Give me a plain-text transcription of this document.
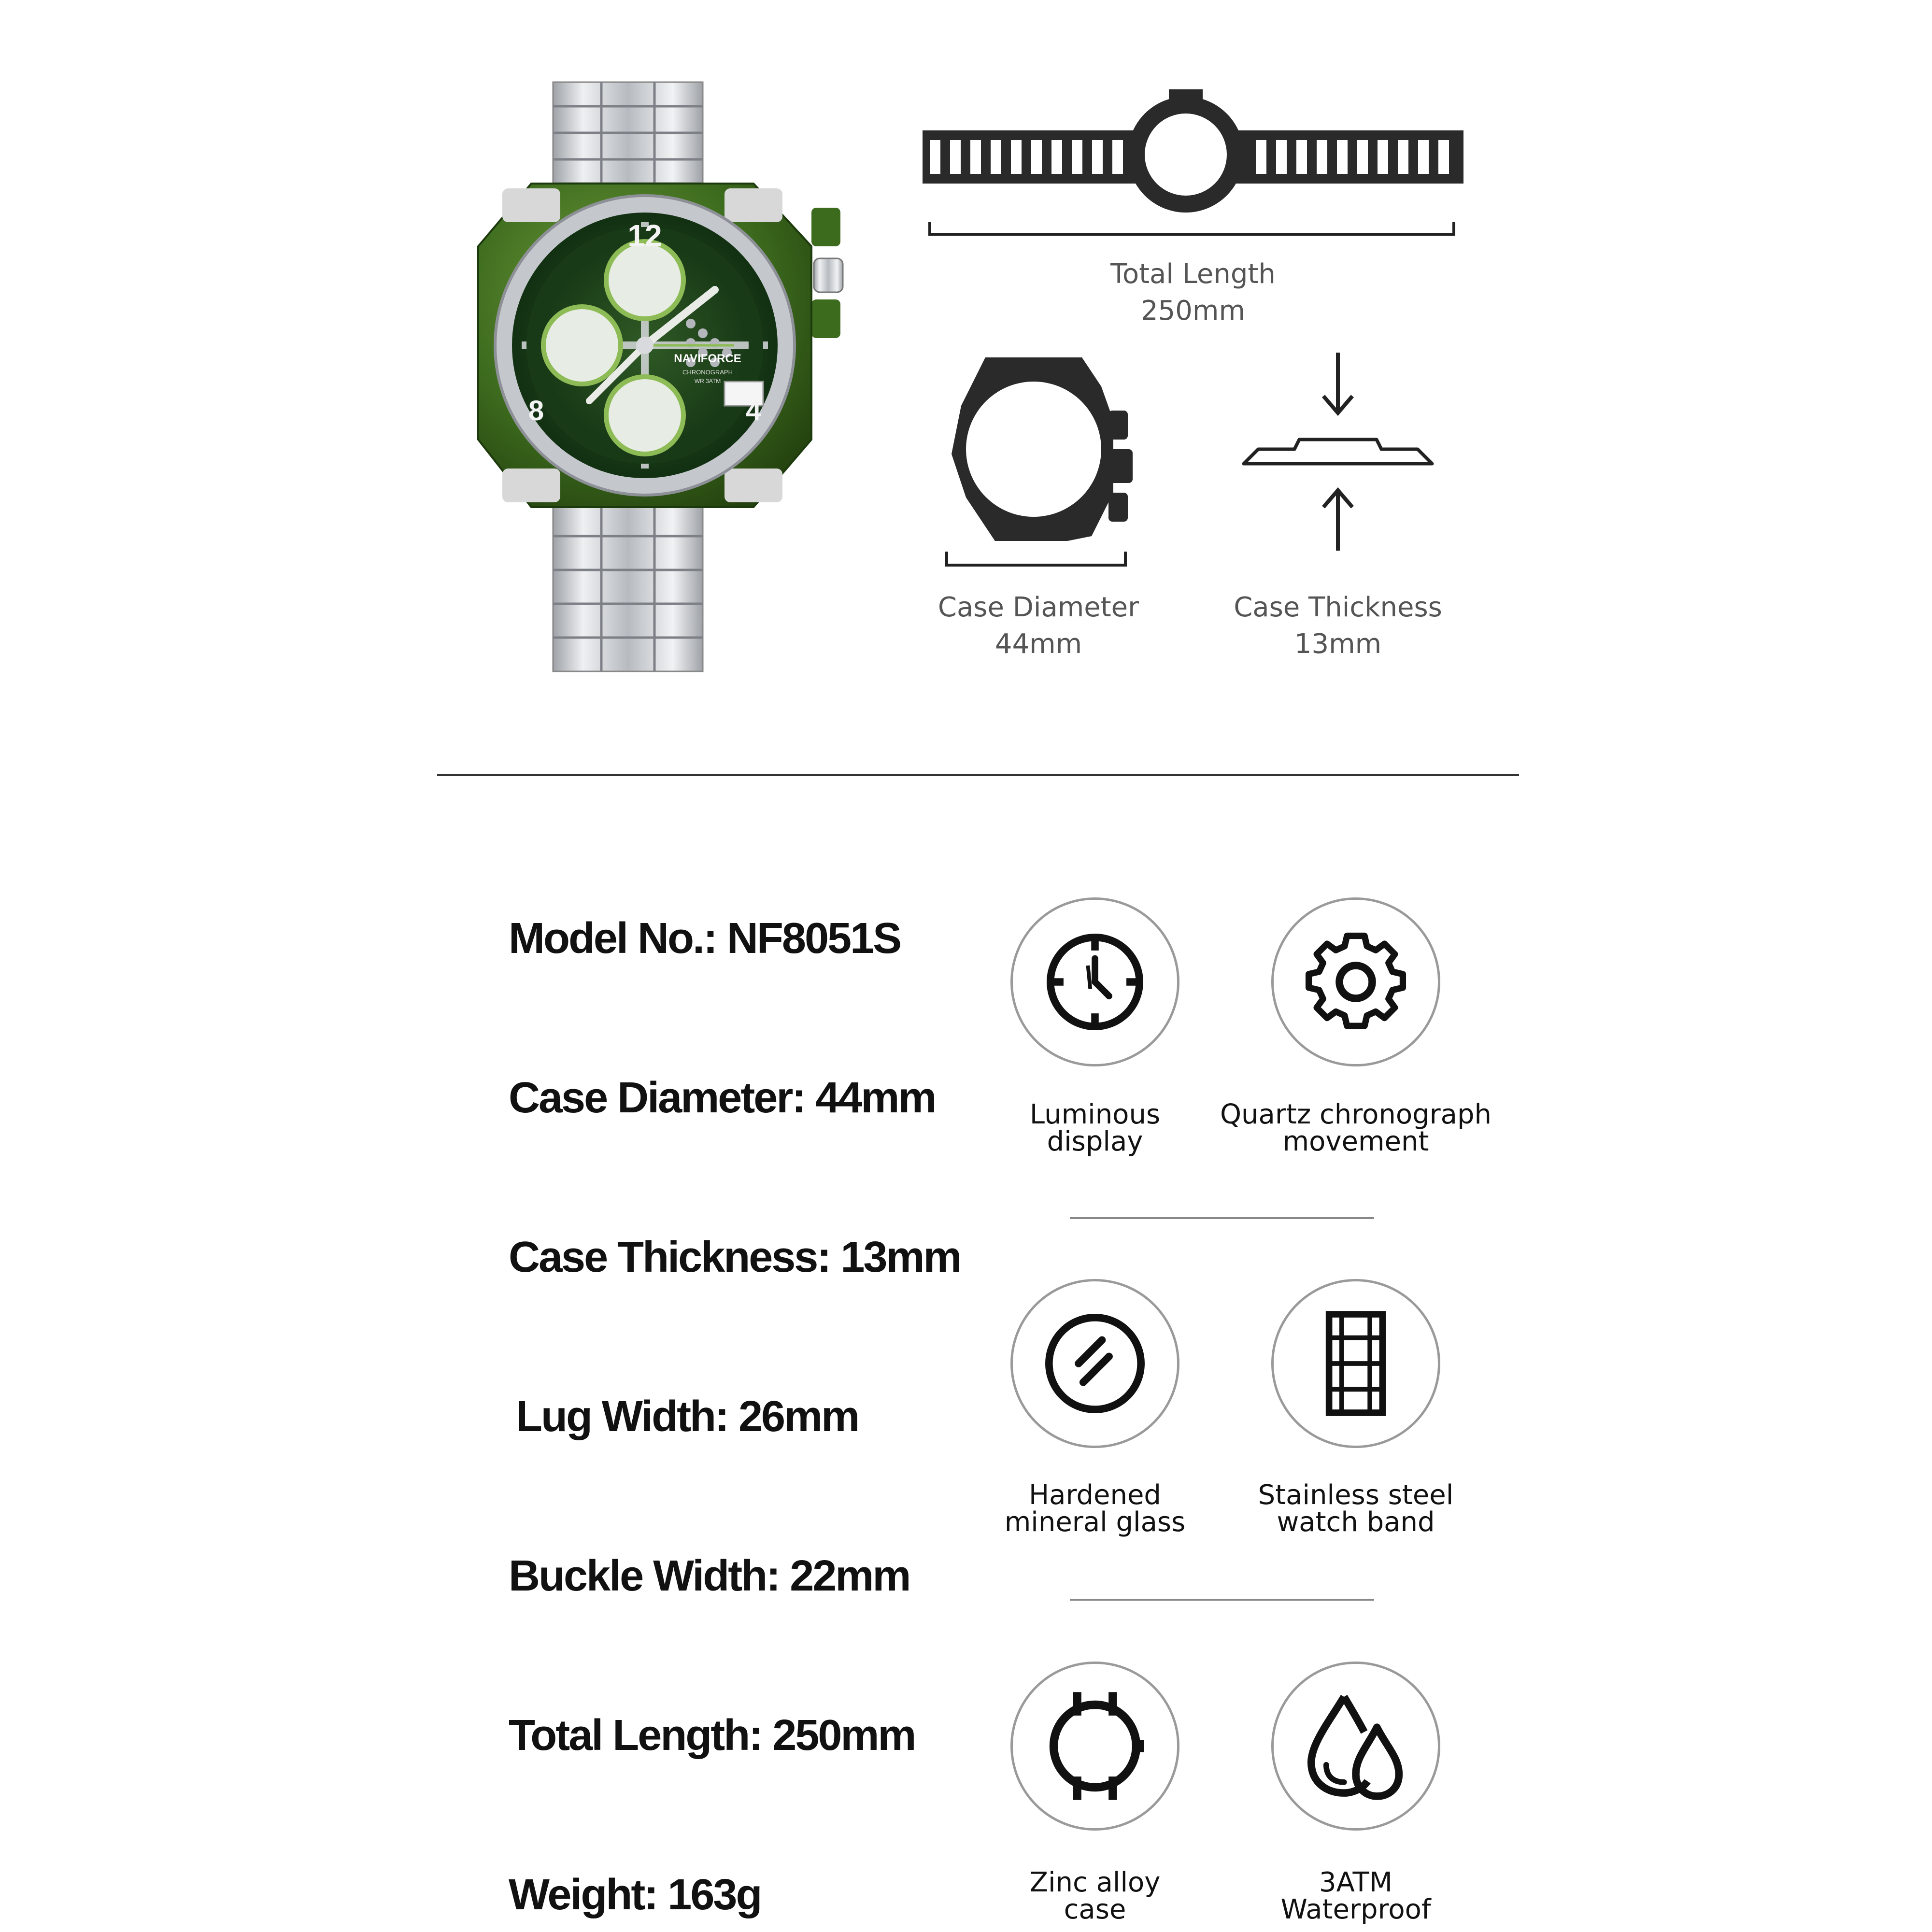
12
4
8
NAVIFORCE
CHRONOGRAPH
WR 3ATM
Total Length
250mm
Case Diameter
44mm
Case Thickness
13mm
Model No.: NF8051S
Case Diameter: 44mm
Case Thickness: 13mm
Lug Width: 26mm
Buckle Width: 22mm
Total Length: 250mm
Weight: 163g
Luminous
display
Quartz chronograph
movement
Hardened
mineral glass
Stainless steel
watch band
Zinc alloy
case
3ATM
Waterproof
